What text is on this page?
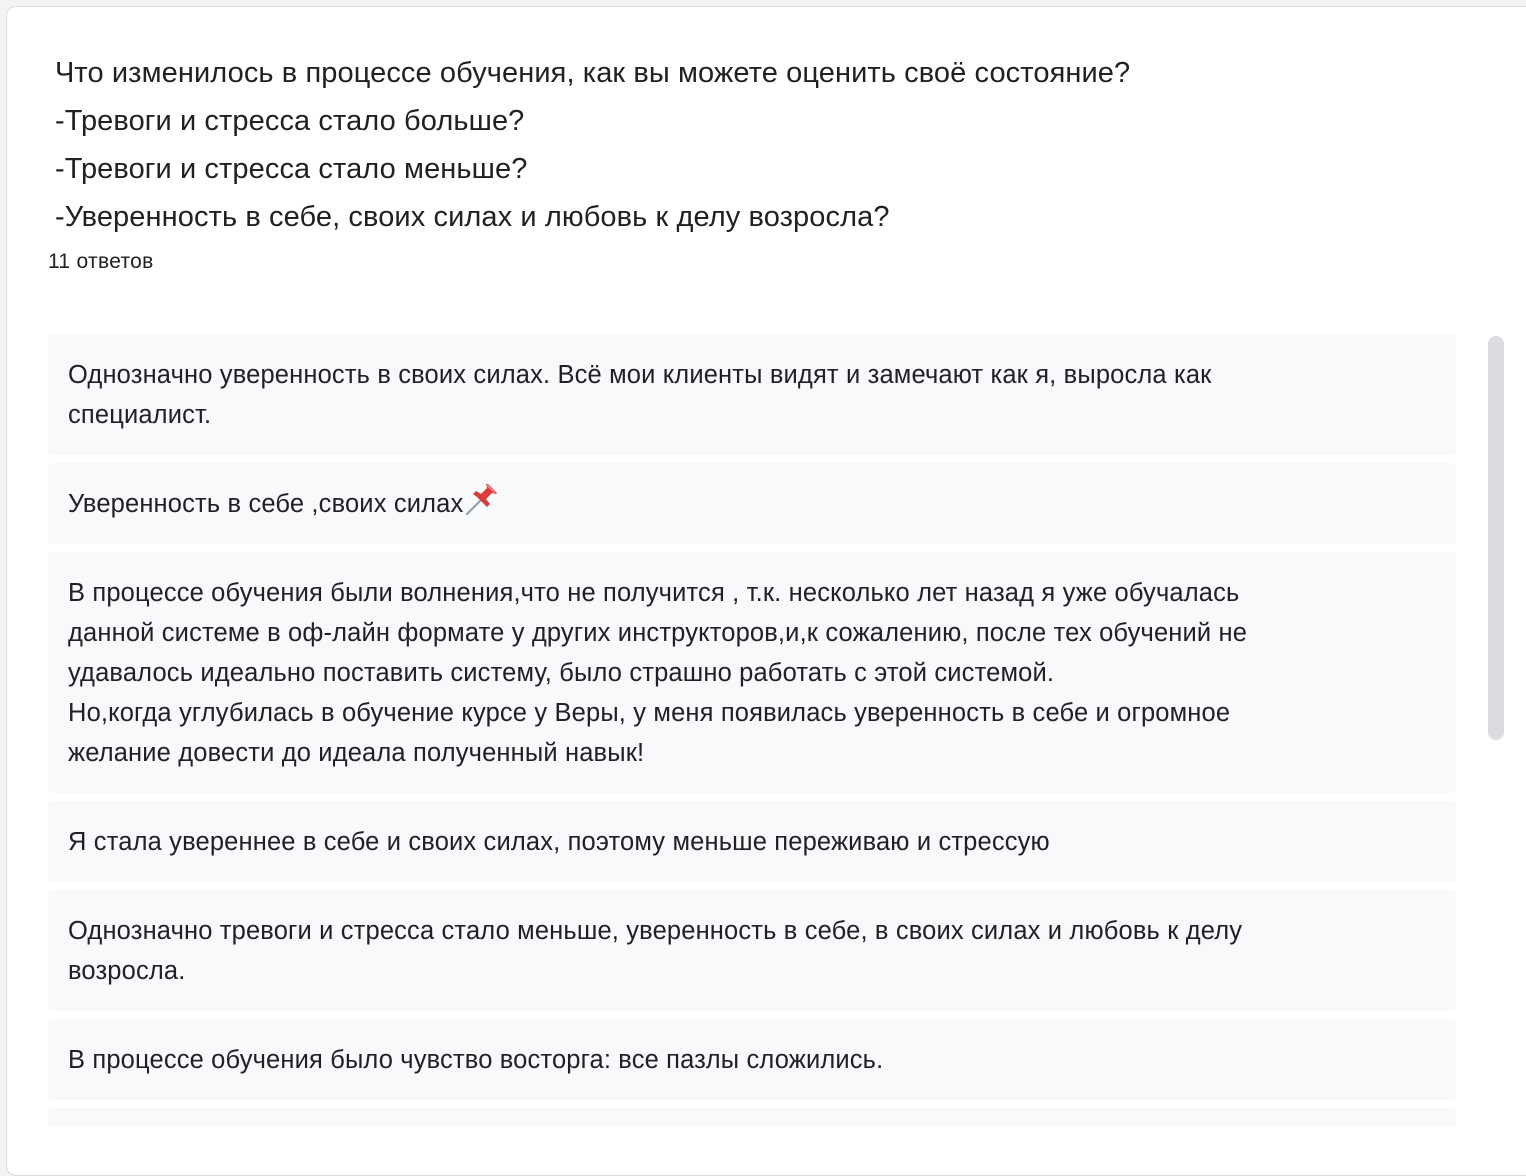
Что изменилось в процессе обучения, как вы можете оценить своё состояние?
-Тревоги и стресса стало больше?
-Тревоги и стресса стало меньше?
-Уверенность в себе, своих силах и любовь к делу возросла?
11 ответов
Однозначно уверенность в своих силах. Всё мои клиенты видят и замечают как я, выросла как
специалист.
Уверенность в себе ,своих силах
В процессе обучения были волнения,что не получится , т.к. несколько лет назад я уже обучалась
данной системе в оф-лайн формате у других инструкторов,и,к сожалению, после тех обучений не
удавалось идеально поставить систему, было страшно работать с этой системой.
Но,когда углубилась в обучение курсе у Веры, у меня появилась уверенность в себе и огромное
желание довести до идеала полученный навык!
Я стала увереннее в себе и своих силах, поэтому меньше переживаю и стрессую
Однозначно тревоги и стресса стало меньше, уверенность в себе, в своих силах и любовь к делу
возросла.
В процессе обучения было чувство восторга: все пазлы сложились.
